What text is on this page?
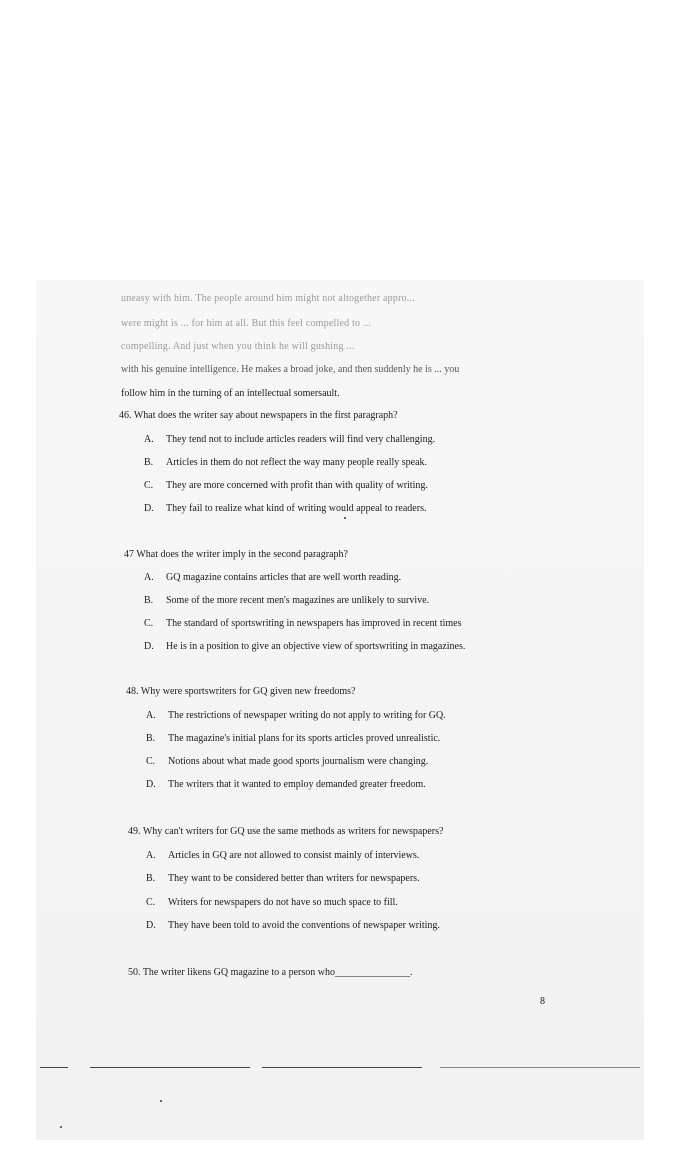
uneasy with him. The people around him might not altogether appro...
were might is ... for him at all. But this feel compelled to ...
compelling. And just when you think he will gushing ...
with his genuine intelligence. He makes a broad joke, and then suddenly he is ... you
follow him in the turning of an intellectual somersault.
46. What does the writer say about newspapers in the first paragraph?
A. They tend not to include articles readers will find very challenging.
B. Articles in them do not reflect the way many people really speak.
C. They are more concerned with profit than with quality of writing.
D. They fail to realize what kind of writing would appeal to readers.
47 What does the writer imply in the second paragraph?
A. GQ magazine contains articles that are well worth reading.
B. Some of the more recent men's magazines are unlikely to survive.
C. The standard of sportswriting in newspapers has improved in recent times
D. He is in a position to give an objective view of sportswriting in magazines.
48. Why were sportswriters for GQ given new freedoms?
A. The restrictions of newspaper writing do not apply to writing for GQ.
B. The magazine's initial plans for its sports articles proved unrealistic.
C. Notions about what made good sports journalism were changing.
D. The writers that it wanted to employ demanded greater freedom.
49. Why can't writers for GQ use the same methods as writers for newspapers?
A. Articles in GQ are not allowed to consist mainly of interviews.
B. They want to be considered better than writers for newspapers.
C. Writers for newspapers do not have so much space to fill.
D. They have been told to avoid the conventions of newspaper writing.
50. The writer likens GQ magazine to a person who_______________.
8
